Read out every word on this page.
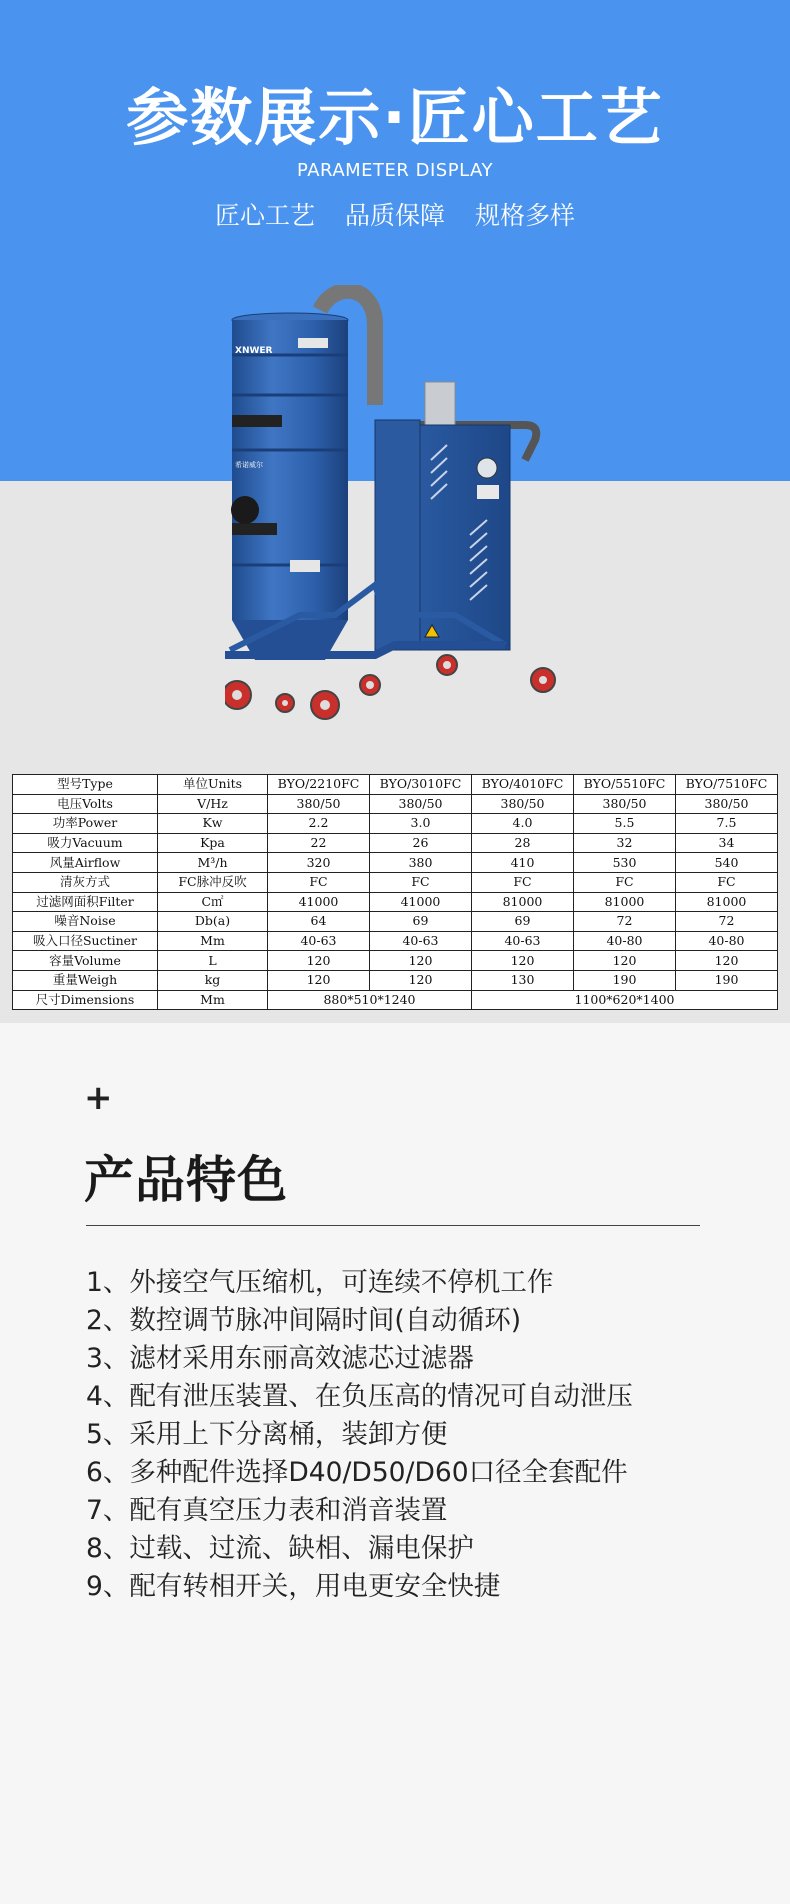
参数展示·匠心工艺
PARAMETER DISPLAY
匠心工艺 品质保障 规格多样
XNWER
希诺威尔
型号Type	单位Units	BYO/2210FC	BYO/3010FC	BYO/4010FC	BYO/5510FC	BYO/7510FC
电压Volts	V/Hz	380/50	380/50	380/50	380/50	380/50
功率Power	Kw	2.2	3.0	4.0	5.5	7.5
吸力Vacuum	Kpa	22	26	28	32	34
风量Airflow	M³/h	320	380	410	530	540
清灰方式	FC脉冲反吹	FC	FC	FC	FC	FC
过滤网面积Filter	C㎡	41000	41000	81000	81000	81000
噪音Noise	Db(a)	64	69	69	72	72
吸入口径Suctiner	Mm	40-63	40-63	40-63	40-80	40-80
容量Volume	L	120	120	120	120	120
重量Weigh	kg	120	120	130	190	190
尺寸Dimensions	Mm	880*510*1240		1100*620*1400		
+
产品特色
1、外接空气压缩机，可连续不停机工作
2、数控调节脉冲间隔时间(自动循环)
3、滤材采用东丽高效滤芯过滤器
4、配有泄压装置、在负压高的情况可自动泄压
5、采用上下分离桶，装卸方便
6、多种配件选择D40/D50/D60口径全套配件
7、配有真空压力表和消音装置
8、过载、过流、缺相、漏电保护
9、配有转相开关，用电更安全快捷
